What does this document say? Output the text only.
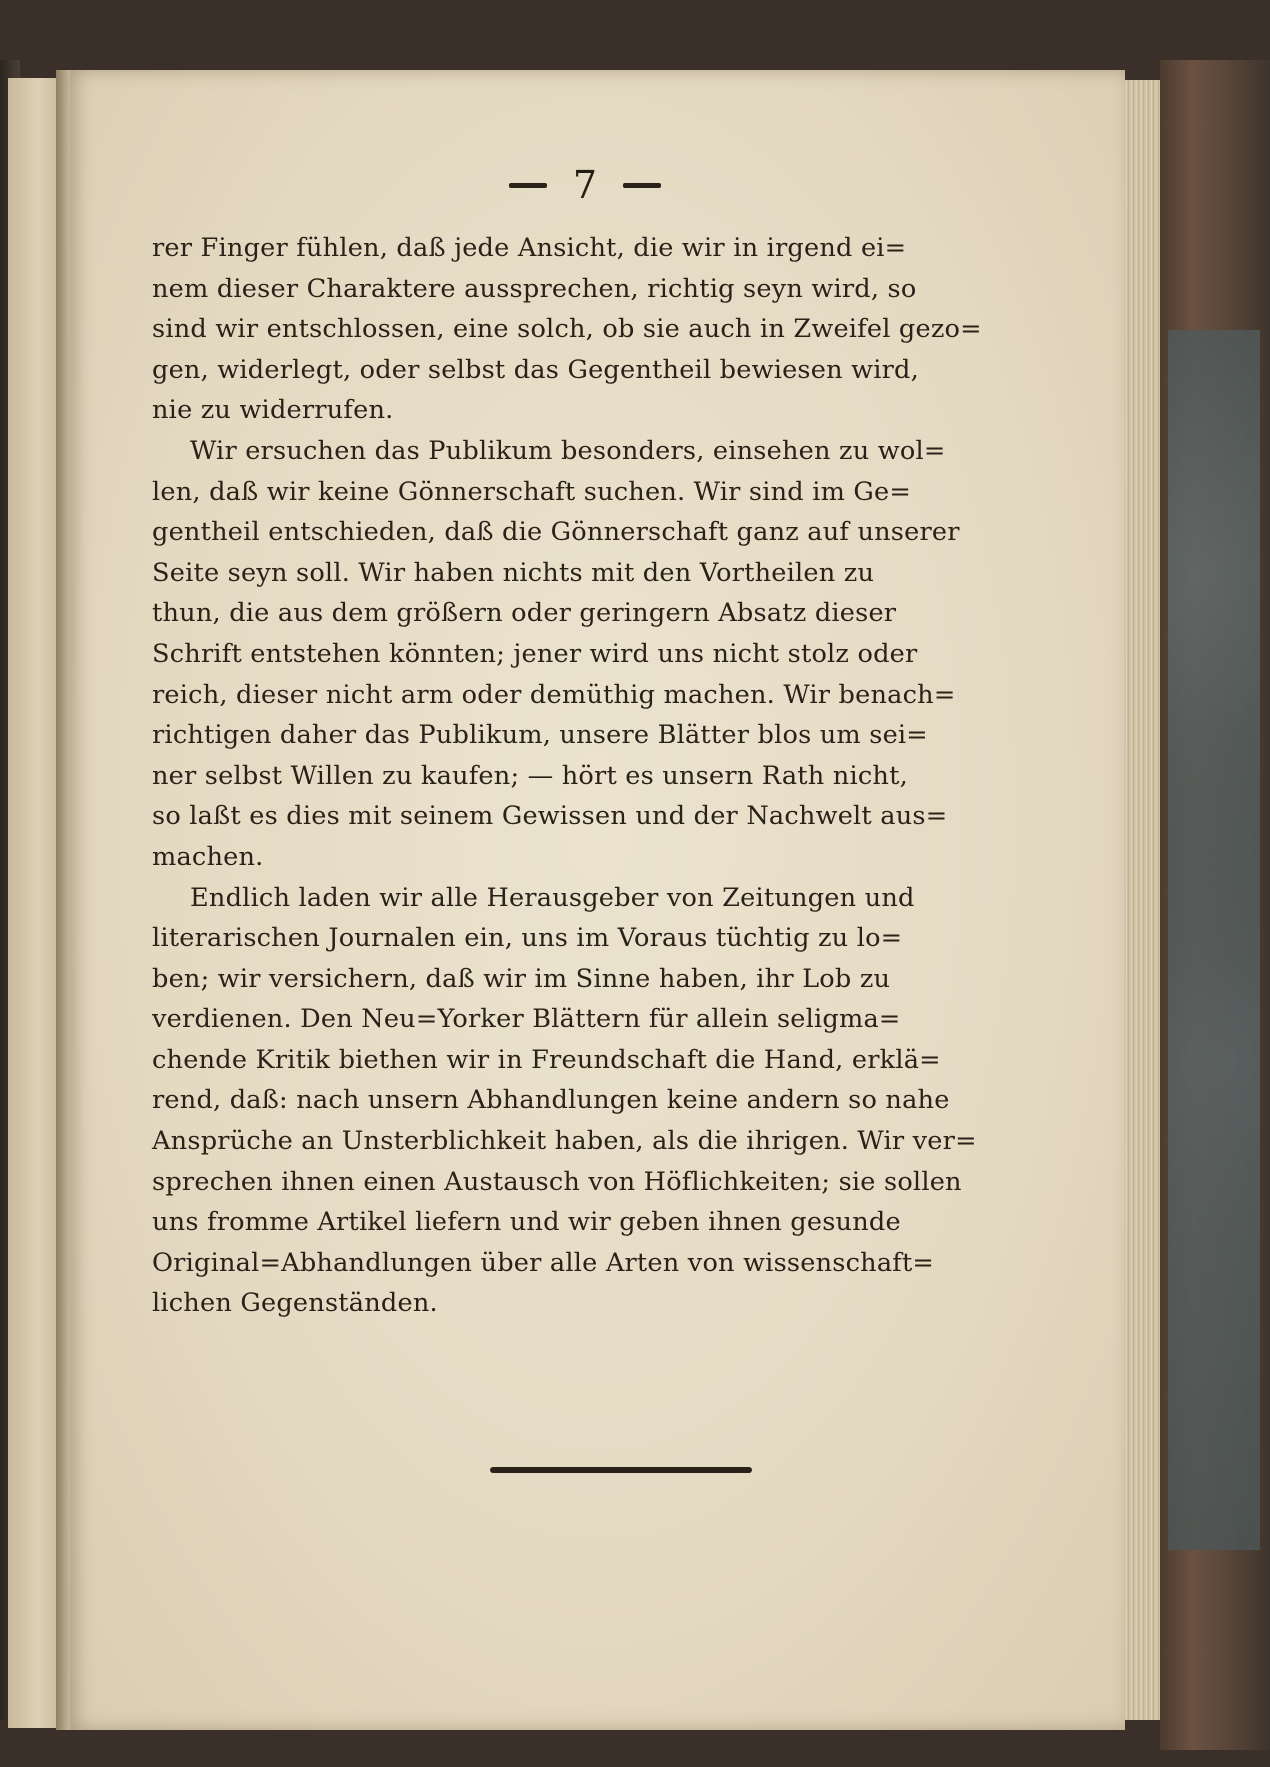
7
rer Finger fühlen, daß jede Ansicht, die wir in irgend ei=
nem dieser Charaktere aussprechen, richtig seyn wird, so
sind wir entschlossen, eine solch, ob sie auch in Zweifel gezo=
gen, widerlegt, oder selbst das Gegentheil bewiesen wird,
nie zu widerrufen.
Wir ersuchen das Publikum besonders, einsehen zu wol=
len, daß wir keine Gönnerschaft suchen. Wir sind im Ge=
gentheil entschieden, daß die Gönnerschaft ganz auf unserer
Seite seyn soll. Wir haben nichts mit den Vortheilen zu
thun, die aus dem größern oder geringern Absatz dieser
Schrift entstehen könnten; jener wird uns nicht stolz oder
reich, dieser nicht arm oder demüthig machen. Wir benach=
richtigen daher das Publikum, unsere Blätter blos um sei=
ner selbst Willen zu kaufen; — hört es unsern Rath nicht,
so laßt es dies mit seinem Gewissen und der Nachwelt aus=
machen.
Endlich laden wir alle Herausgeber von Zeitungen und
literarischen Journalen ein, uns im Voraus tüchtig zu lo=
ben; wir versichern, daß wir im Sinne haben, ihr Lob zu
verdienen. Den Neu=Yorker Blättern für allein seligma=
chende Kritik biethen wir in Freundschaft die Hand, erklä=
rend, daß: nach unsern Abhandlungen keine andern so nahe
Ansprüche an Unsterblichkeit haben, als die ihrigen. Wir ver=
sprechen ihnen einen Austausch von Höflichkeiten; sie sollen
uns fromme Artikel liefern und wir geben ihnen gesunde
Original=Abhandlungen über alle Arten von wissenschaft=
lichen Gegenständen.
